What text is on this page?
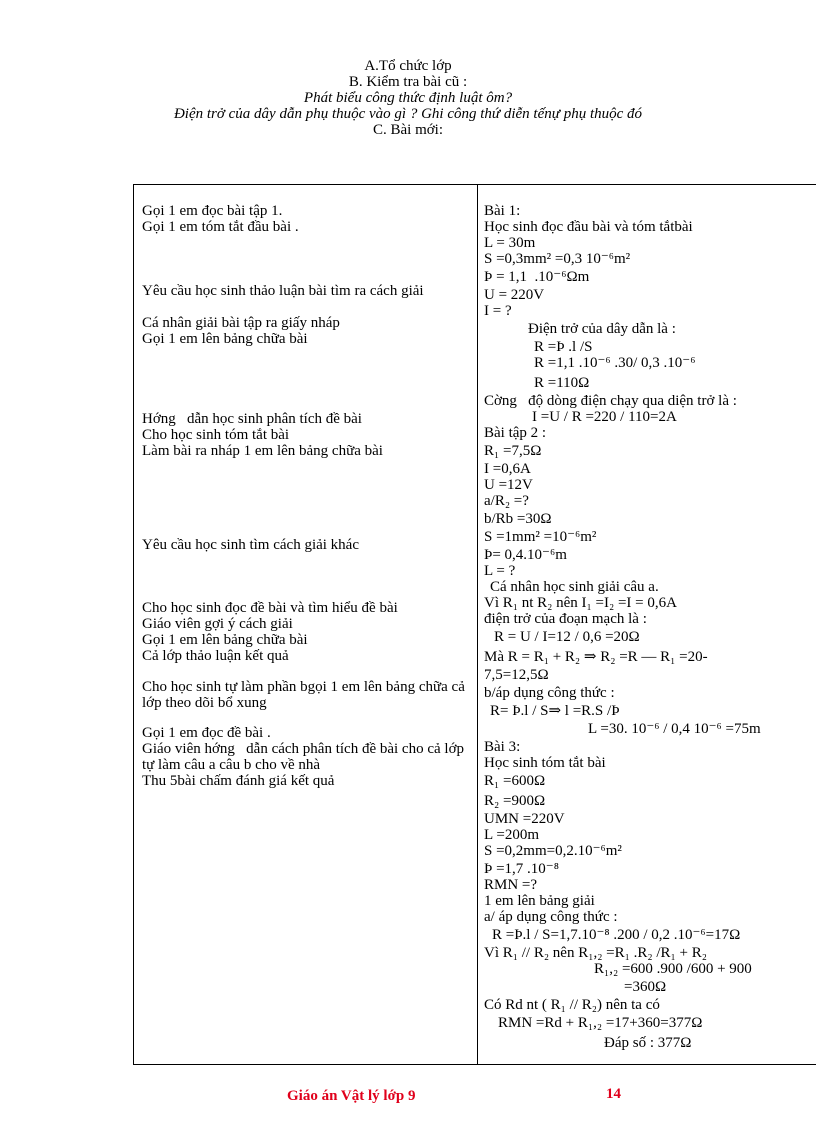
A.Tổ chức lớp
B. Kiểm tra bài cũ :
Phát biểu công thức định luật ôm?
Điện trở của dây dẫn phụ thuộc vào gì ? Ghi công thứ diễn tếnự phụ thuộc đó
C. Bài mới:
Gọi 1 em đọc bài tập 1.
Gọi 1 em tóm tắt đầu bài .
Yêu cầu học sinh thảo luận bài tìm ra cách giải
Cá nhân giải bài tập ra giấy nháp
Gọi 1 em lên bảng chữa bài
Hớng   dẫn học sinh phân tích đề bài
Cho học sinh tóm tắt bài
Làm bài ra nháp 1 em lên bảng chữa bài
Yêu cầu học sinh tìm cách giải khác
Cho học sinh đọc đề bài và tìm hiểu đề bài
Giáo viên gợi ý cách giải
Gọi 1 em lên bảng chữa bài
Cả lớp thảo luận kết quả
Cho học sinh tự làm phần bgọi 1 em lên bảng chữa cả lớp theo dõi bổ xung
Gọi 1 em đọc đề bài .
Giáo viên hớng   dẫn cách phân tích đề bài cho cả lớp tự làm câu a câu b cho về nhà
Thu 5bài chấm đánh giá kết quả
Bài 1:
Học sinh đọc đầu bài và tóm tắtbài
L = 30m
S =0,3mm² =0,3 10⁻⁶m²
Þ = 1,1  .10⁻⁶Ωm
U = 220V
I = ?
Điện trở của dây dẫn là :
R =Þ .l /S
R =1,1 .10⁻⁶ .30/ 0,3 .10⁻⁶
R =110Ω
Cờng   độ dòng điện chạy qua diện trở là :
I =U / R =220 / 110=2A
Bài tập 2 :
R₁ =7,5Ω
I =0,6A
U =12V
a/R₂ =?
b/Rb =30Ω
S =1mm² =10⁻⁶m²
Þ= 0,4.10⁻⁶m
L = ?
Cá nhân học sinh giải câu a.
Vì R₁ nt R₂ nên I₁ =I₂ =I = 0,6A
điện trở của đoạn mạch là :
R = U / I=12 / 0,6 =20Ω
Mà R = R₁ + R₂ ⇒ R₂ =R — R₁ =20-
7,5=12,5Ω
b/áp dụng công thức :
R= Þ.l / S⇒ l =R.S /Þ
L =30. 10⁻⁶ / 0,4 10⁻⁶ =75m
Bài 3:
Học sinh tóm tắt bài
R₁ =600Ω
R₂ =900Ω
UMN =220V
L =200m
S =0,2mm=0,2.10⁻⁶m²
Þ =1,7 .10⁻⁸
RMN =?
1 em lên bảng giải
a/ áp dụng công thức :
R =Þ.l / S=1,7.10⁻⁸ .200 / 0,2 .10⁻⁶=17Ω
Vì R₁ // R₂ nên R₁,₂ =R₁ .R₂ /R₁ + R₂
R₁,₂ =600 .900 /600 + 900
=360Ω
Có Rd nt ( R₁ // R₂) nên ta có
RMN =Rd + R₁,₂ =17+360=377Ω
Đáp số : 377Ω
Giáo án Vật lý lớp 9	14
